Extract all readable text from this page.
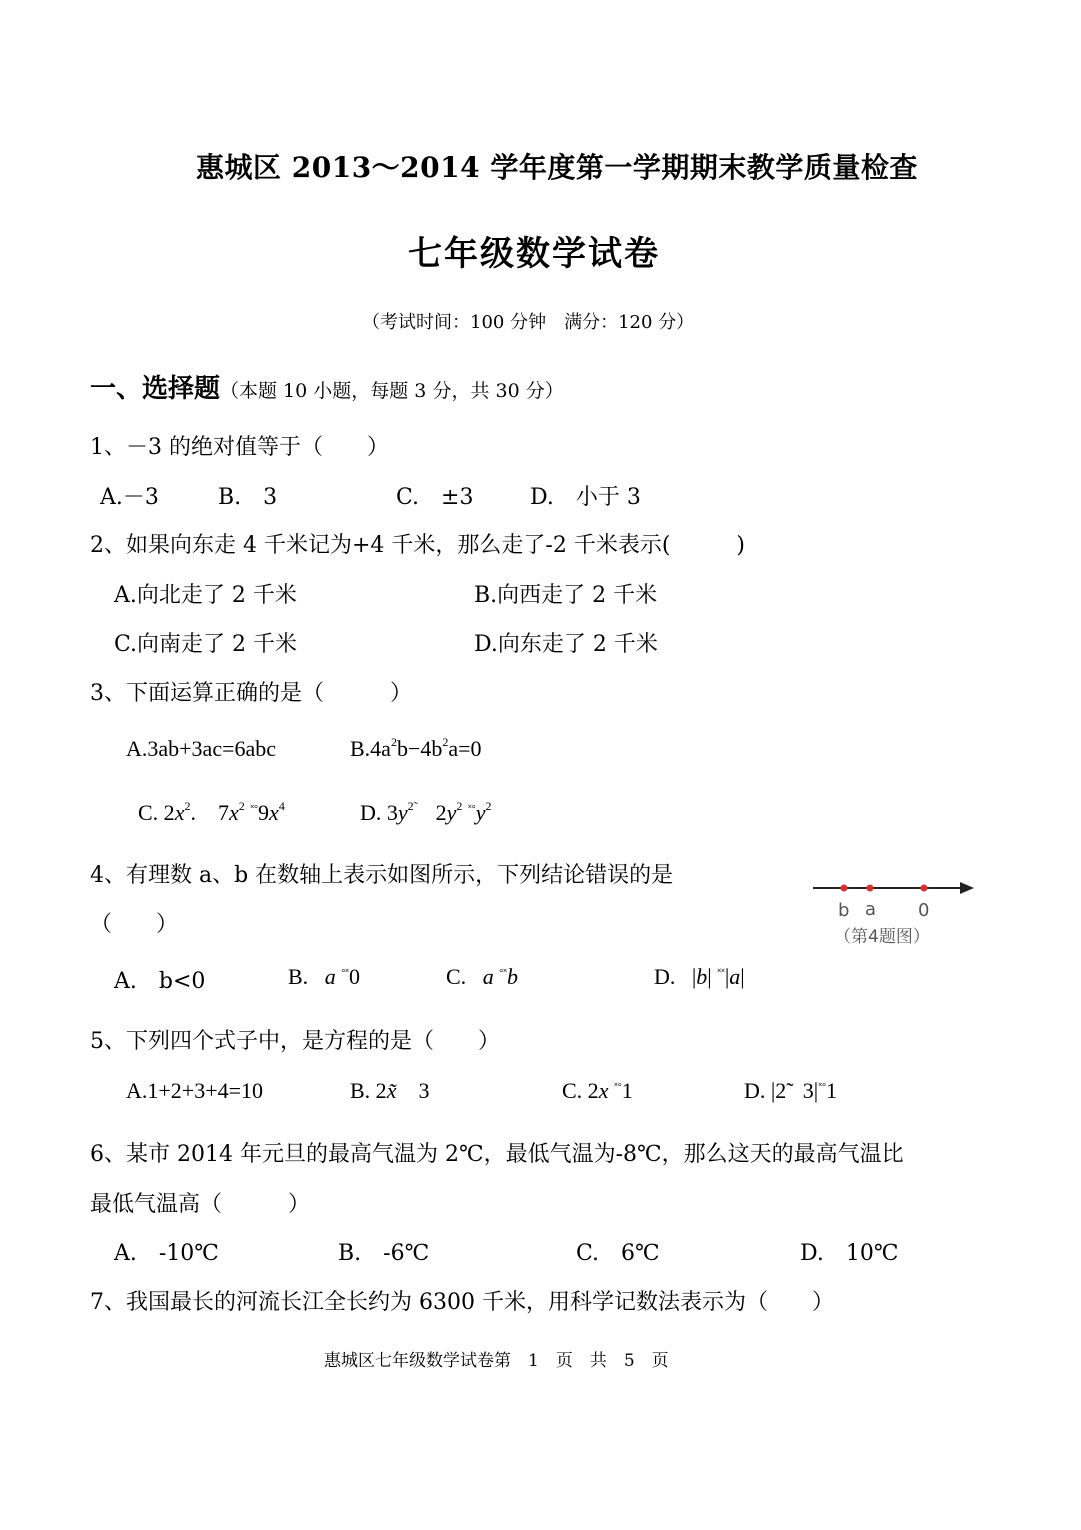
惠城区 2013～2014 学年度第一学期期末教学质量检查
七年级数学试卷
（考试时间：100 分钟　满分：120 分）
一、选择题（本题 10 小题，每题 3 分，共 30 分）
1、－3 的绝对值等于（　　）
A.－3	B.　3	C.　±3	D.　小于 3
2、如果向东走 4 千米记为+4 千米，那么走了-2 千米表示(　　　)
A.向北走了 2 千米	B.向西走了 2 千米
C.向南走了 2 千米	D.向东走了 2 千米
3、下面运算正确的是（　　　）
A.3ab+3ac=6abc	$B.4a^2b-4b^2a=0$
C. $2x^2$. $7x^2$ $^{˟^\circ}9x^4$	D. $3y^{2̃}$ $2y^2$ $^{˟^\circ}y^2$
4、有理数 a、b 在数轴上表示如图所示，下列结论错误的是
（　　）
b a 0
（第4题图）
A.　b<0	B. a °˟0	C. a °˟b	D. |b| ˟˟|a|
5、下列四个式子中，是方程的是（　　）
A.1+2+3+4=10	B. 2x̃ 3	C. 2x ˟°1	D. |2̃ 3|˟°1
6、某市 2014 年元旦的最高气温为 2℃，最低气温为-8℃，那么这天的最高气温比
最低气温高（　　　）
A.　-10℃	B.　-6℃	C.　6℃	D.　10℃
7、我国最长的河流长江全长约为 6300 千米，用科学记数法表示为（　　）
惠城区七年级数学试卷第　1　页　共　5　页
